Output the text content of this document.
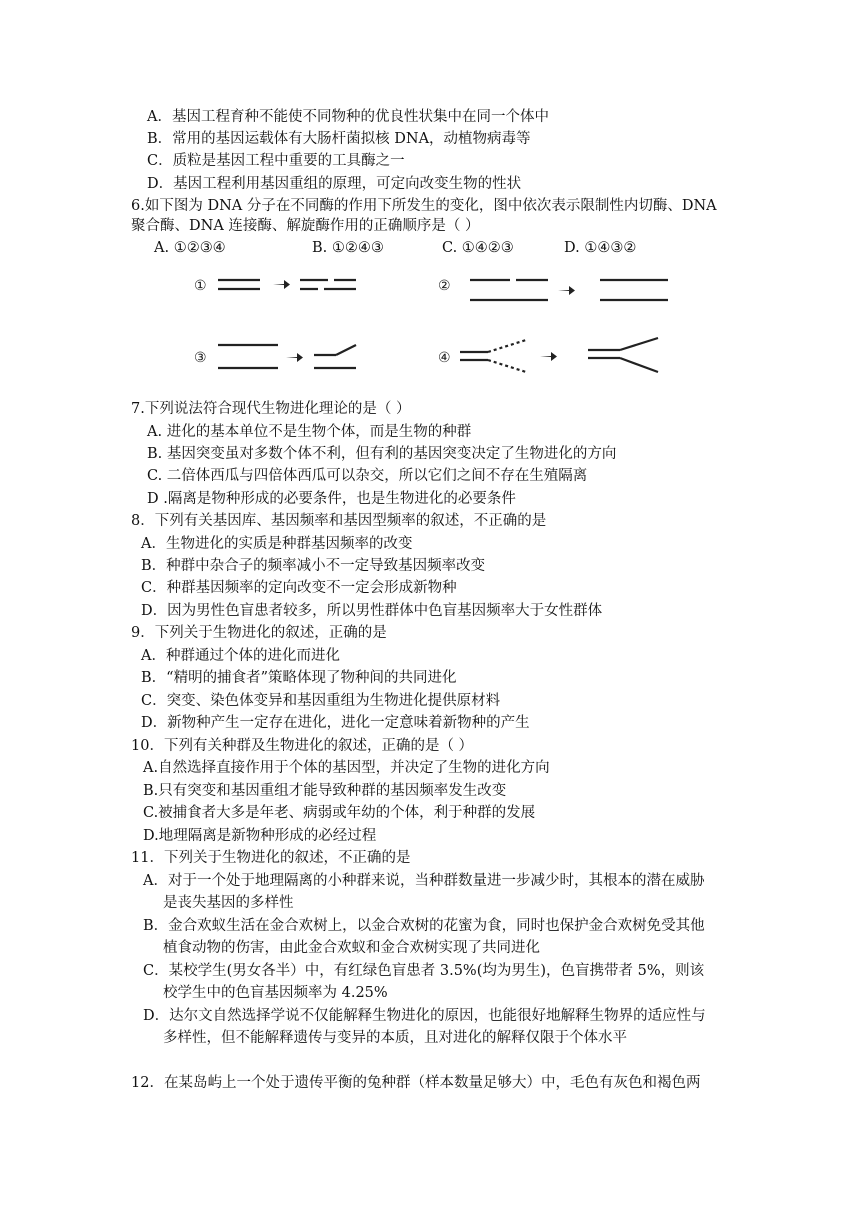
A．基因工程育种不能使不同物种的优良性状集中在同一个体中
B．常用的基因运载体有大肠杆菌拟核 DNA，动植物病毒等
C．质粒是基因工程中重要的工具酶之一
D．基因工程利用基因重组的原理，可定向改变生物的性状
6.如下图为 DNA 分子在不同酶的作用下所发生的变化，图中依次表示限制性内切酶、DNA
聚合酶、DNA 连接酶、解旋酶作用的正确顺序是（ ）
A. ①②③④	B. ①②④③	C. ①④②③	D. ①④③②
①	②
③	④
7.下列说法符合现代生物进化理论的是（ ）
A. 进化的基本单位不是生物个体，而是生物的种群
B. 基因突变虽对多数个体不利，但有利的基因突变决定了生物进化的方向
C. 二倍体西瓜与四倍体西瓜可以杂交，所以它们之间不存在生殖隔离
D .隔离是物种形成的必要条件，也是生物进化的必要条件
8．下列有关基因库、基因频率和基因型频率的叙述，不正确的是
A．生物进化的实质是种群基因频率的改变
B．种群中杂合子的频率减小不一定导致基因频率改变
C．种群基因频率的定向改变不一定会形成新物种
D．因为男性色盲患者较多，所以男性群体中色盲基因频率大于女性群体
9．下列关于生物进化的叙述，正确的是
A．种群通过个体的进化而进化
B．“精明的捕食者”策略体现了物种间的共同进化
C．突变、染色体变异和基因重组为生物进化提供原材料
D．新物种产生一定存在进化，进化一定意味着新物种的产生
10．下列有关种群及生物进化的叙述，正确的是（ ）
A.自然选择直接作用于个体的基因型，并决定了生物的进化方向
B.只有突变和基因重组才能导致种群的基因频率发生改变
C.被捕食者大多是年老、病弱或年幼的个体，利于种群的发展
D.地理隔离是新物种形成的必经过程
11．下列关于生物进化的叙述，不正确的是
A．对于一个处于地理隔离的小种群来说，当种群数量进一步减少时，其根本的潜在威胁
是丧失基因的多样性
B．金合欢蚁生活在金合欢树上，以金合欢树的花蜜为食，同时也保护金合欢树免受其他
植食动物的伤害，由此金合欢蚁和金合欢树实现了共同进化
C．某校学生(男女各半）中，有红绿色盲患者 3.5%(均为男生)，色盲携带者 5%，则该
校学生中的色盲基因频率为 4.25%
D．达尔文自然选择学说不仅能解释生物进化的原因，也能很好地解释生物界的适应性与
多样性，但不能解释遗传与变异的本质，且对进化的解释仅限于个体水平
12．在某岛屿上一个处于遗传平衡的兔种群（样本数量足够大）中，毛色有灰色和褐色两
